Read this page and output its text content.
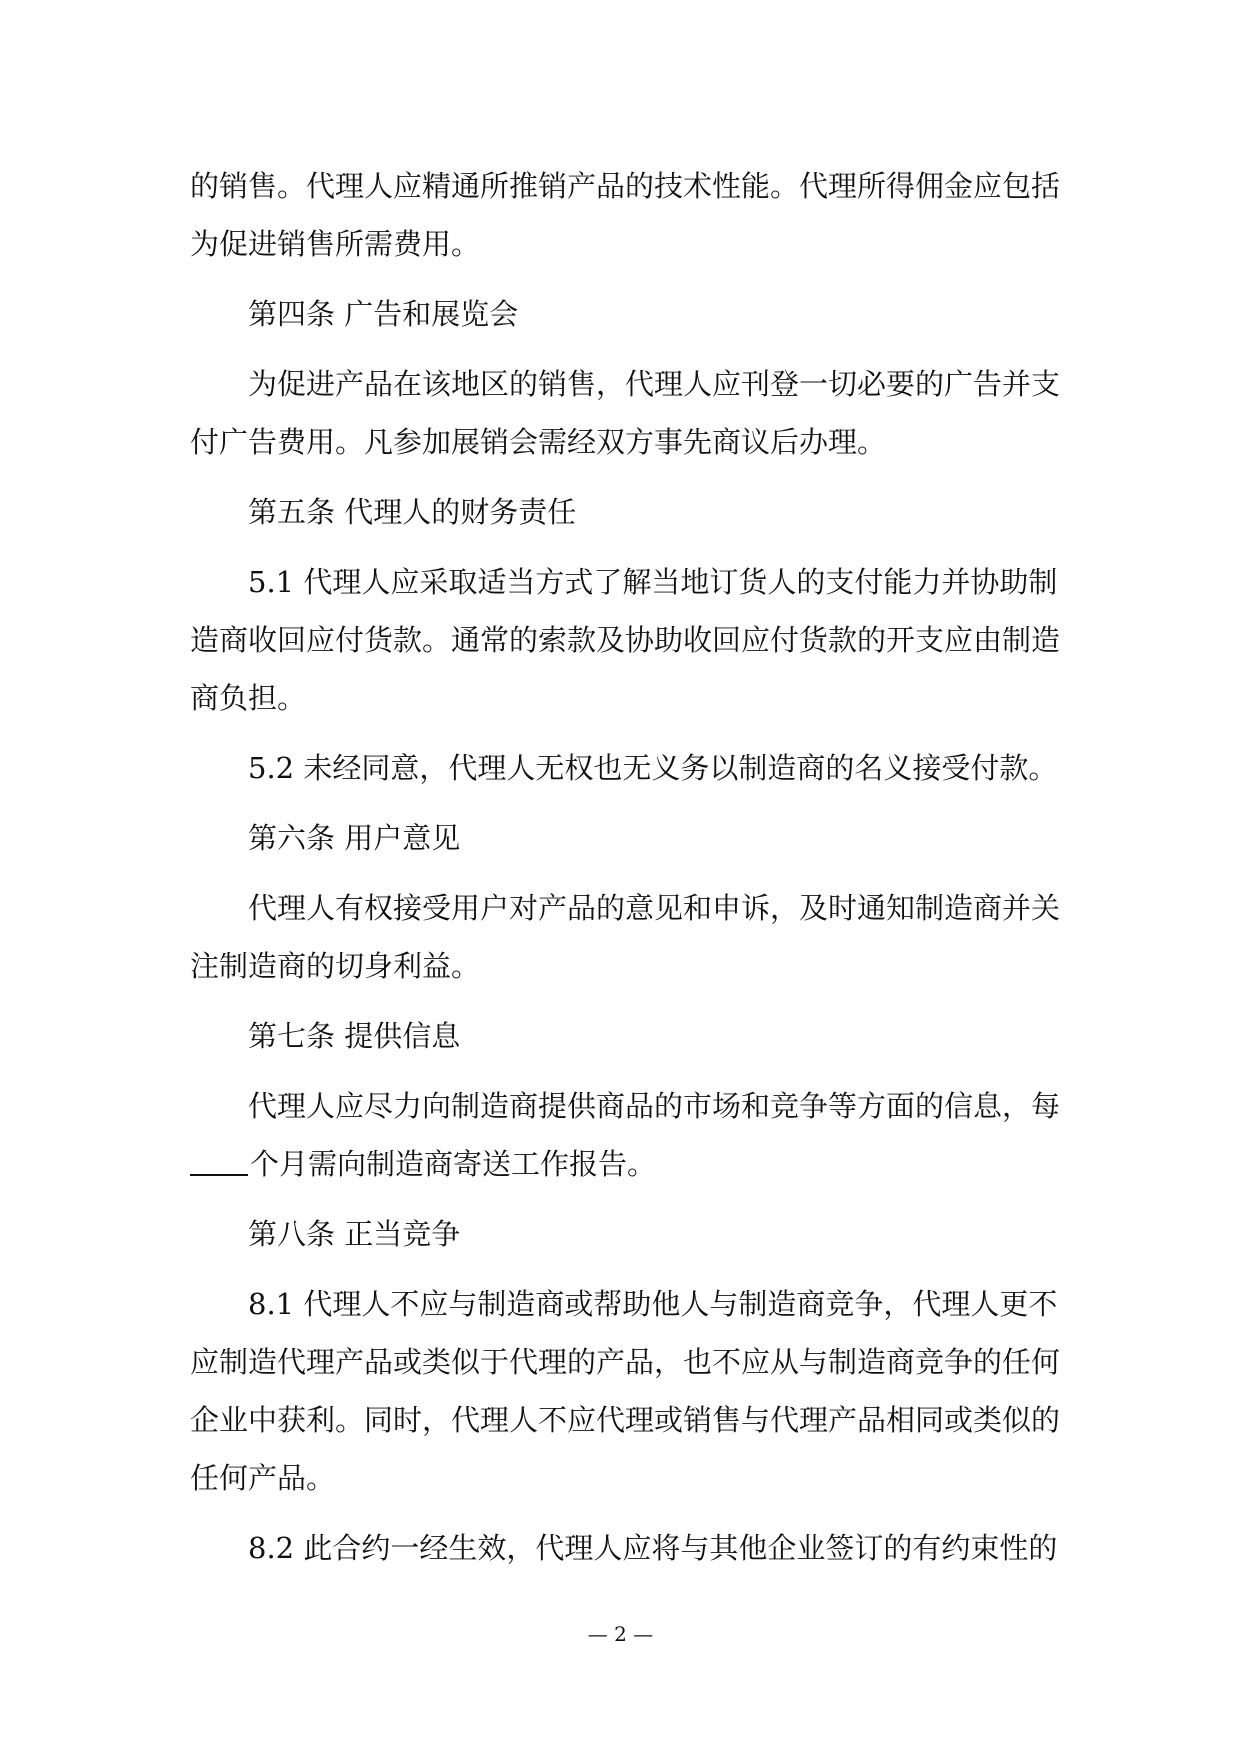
的销售。代理人应精通所推销产品的技术性能。代理所得佣金应包括
为促进销售所需费用。
第四条 广告和展览会
为促进产品在该地区的销售，代理人应刊登一切必要的广告并支
付广告费用。凡参加展销会需经双方事先商议后办理。
第五条 代理人的财务责任
5.1 代理人应采取适当方式了解当地订货人的支付能力并协助制
造商收回应付货款。通常的索款及协助收回应付货款的开支应由制造
商负担。
5.2 未经同意，代理人无权也无义务以制造商的名义接受付款。
第六条 用户意见
代理人有权接受用户对产品的意见和申诉，及时通知制造商并关
注制造商的切身利益。
第七条 提供信息
代理人应尽力向制造商提供商品的市场和竞争等方面的信息，每
个月需向制造商寄送工作报告。
第八条 正当竞争
8.1 代理人不应与制造商或帮助他人与制造商竞争，代理人更不
应制造代理产品或类似于代理的产品，也不应从与制造商竞争的任何
企业中获利。同时，代理人不应代理或销售与代理产品相同或类似的
任何产品。
8.2 此合约一经生效，代理人应将与其他企业签订的有约束性的
— 2 —
